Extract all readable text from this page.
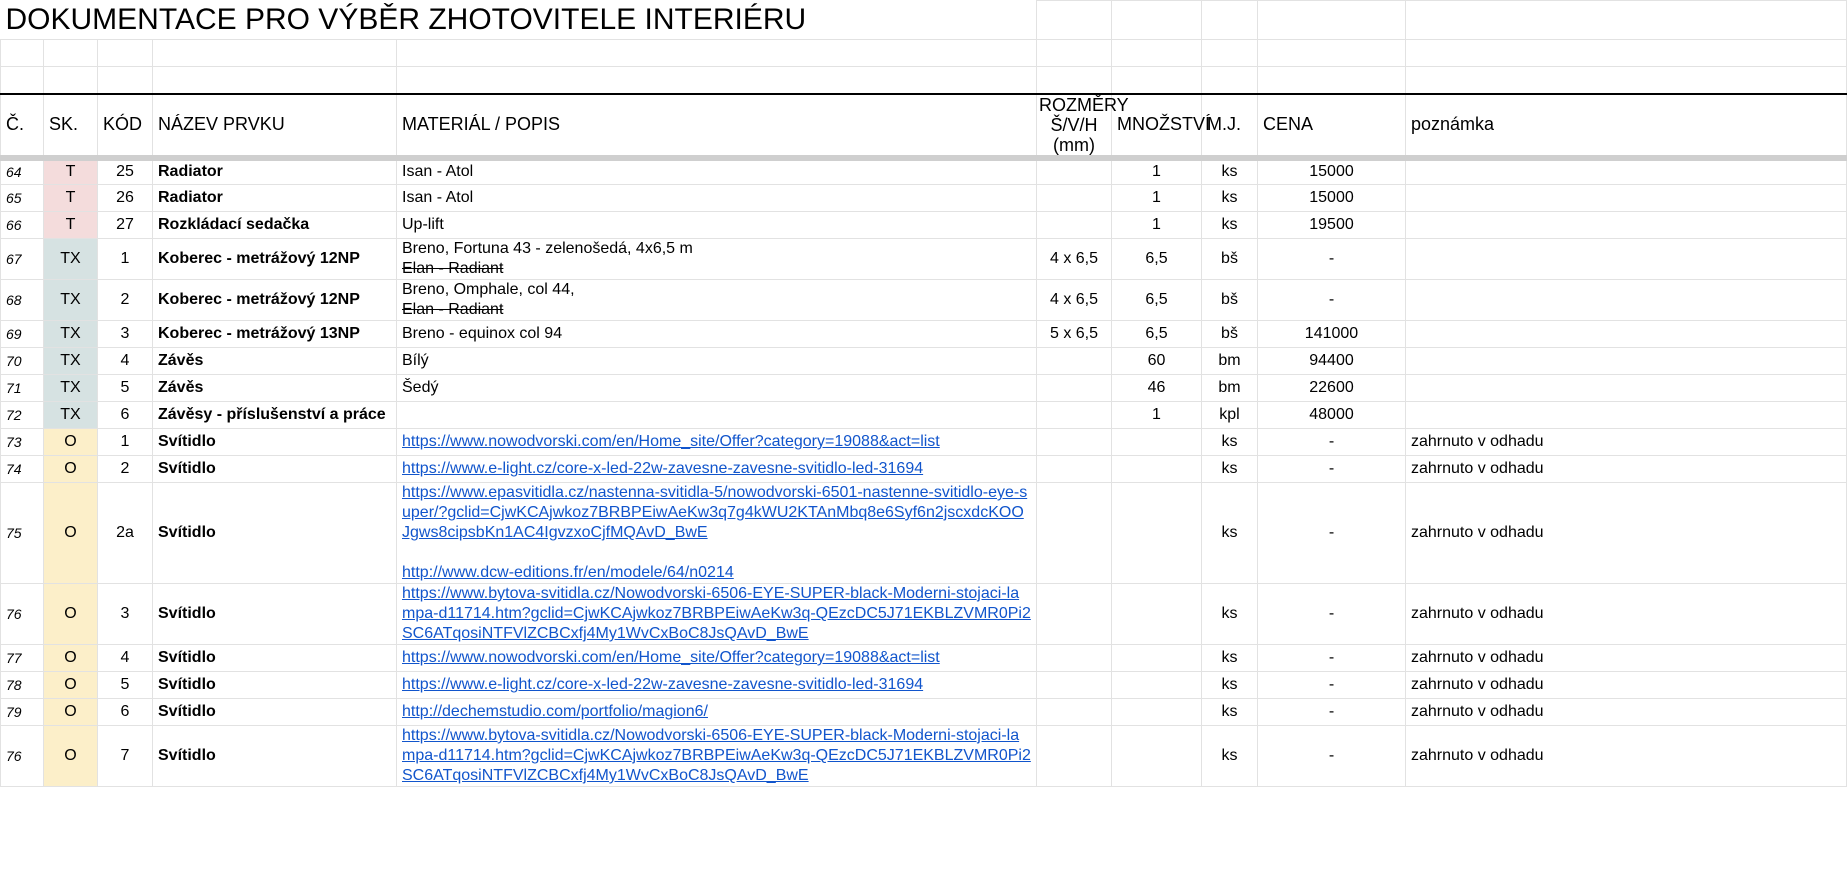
DOKUMENTACE PRO VÝBĚR ZHOTOVITELE INTERIÉRU									

Č.	SK.	KÓD	NÁZEV PRVKU	MATERIÁL / POPIS	ROZMĚRY Š/V/H (mm)	MNOŽSTVÍ	M.J.	CENA	poznámka
64	T	25	Radiator	Isan - Atol		1	ks	15000	
65	T	26	Radiator	Isan - Atol		1	ks	15000	
66	T	27	Rozkládací sedačka	Up-lift		1	ks	19500	
67	TX	1	Koberec - metrážový 12NP	Breno, Fortuna 43 - zelenošedá, 4x6,5 m
Elan - Radiant	4 x 6,5	6,5	bš	-	
68	TX	2	Koberec - metrážový 12NP	Breno, Omphale, col 44,
Elan - Radiant	4 x 6,5	6,5	bš	-	
69	TX	3	Koberec - metrážový 13NP	Breno - equinox col 94	5 x 6,5	6,5	bš	141000	
70	TX	4	Závěs	Bílý		60	bm	94400	
71	TX	5	Závěs	Šedý		46	bm	22600	
72	TX	6	Závěsy - příslušenství a práce			1	kpl	48000	
73	O	1	Svítidlo	https://www.nowodvorski.com/en/Home_site/Offer?category=19088&act=list			ks	-	zahrnuto v odhadu
74	O	2	Svítidlo	https://www.e-light.cz/core-x-led-22w-zavesne-zavesne-svitidlo-led-31694			ks	-	zahrnuto v odhadu
75	O	2a	Svítidlo	https://www.epasvitidla.cz/nastenna-svitidla-5/nowodvorski-6501-nastenne-svitidlo-eye-super/?gclid=CjwKCAjwkoz7BRBPEiwAeKw3q7g4kWU2KTAnMbq8e6Syf6n2jscxdcKOOJgws8cipsbKn1AC4IgvzxoCjfMQAvD_BwE

http://www.dcw-editions.fr/en/modele/64/n0214			ks	-	zahrnuto v odhadu
76	O	3	Svítidlo	https://www.bytova-svitidla.cz/Nowodvorski-6506-EYE-SUPER-black-Moderni-stojaci-lampa-d11714.htm?gclid=CjwKCAjwkoz7BRBPEiwAeKw3q-QEzcDC5J71EKBLZVMR0Pi2SC6ATqosiNTFVlZCBCxfj4My1WvCxBoC8JsQAvD_BwE			ks	-	zahrnuto v odhadu
77	O	4	Svítidlo	https://www.nowodvorski.com/en/Home_site/Offer?category=19088&act=list			ks	-	zahrnuto v odhadu
78	O	5	Svítidlo	https://www.e-light.cz/core-x-led-22w-zavesne-zavesne-svitidlo-led-31694			ks	-	zahrnuto v odhadu
79	O	6	Svítidlo	http://dechemstudio.com/portfolio/magion6/			ks	-	zahrnuto v odhadu
76	O	7	Svítidlo	https://www.bytova-svitidla.cz/Nowodvorski-6506-EYE-SUPER-black-Moderni-stojaci-lampa-d11714.htm?gclid=CjwKCAjwkoz7BRBPEiwAeKw3q-QEzcDC5J71EKBLZVMR0Pi2SC6ATqosiNTFVlZCBCxfj4My1WvCxBoC8JsQAvD_BwE			ks	-	zahrnuto v odhadu
